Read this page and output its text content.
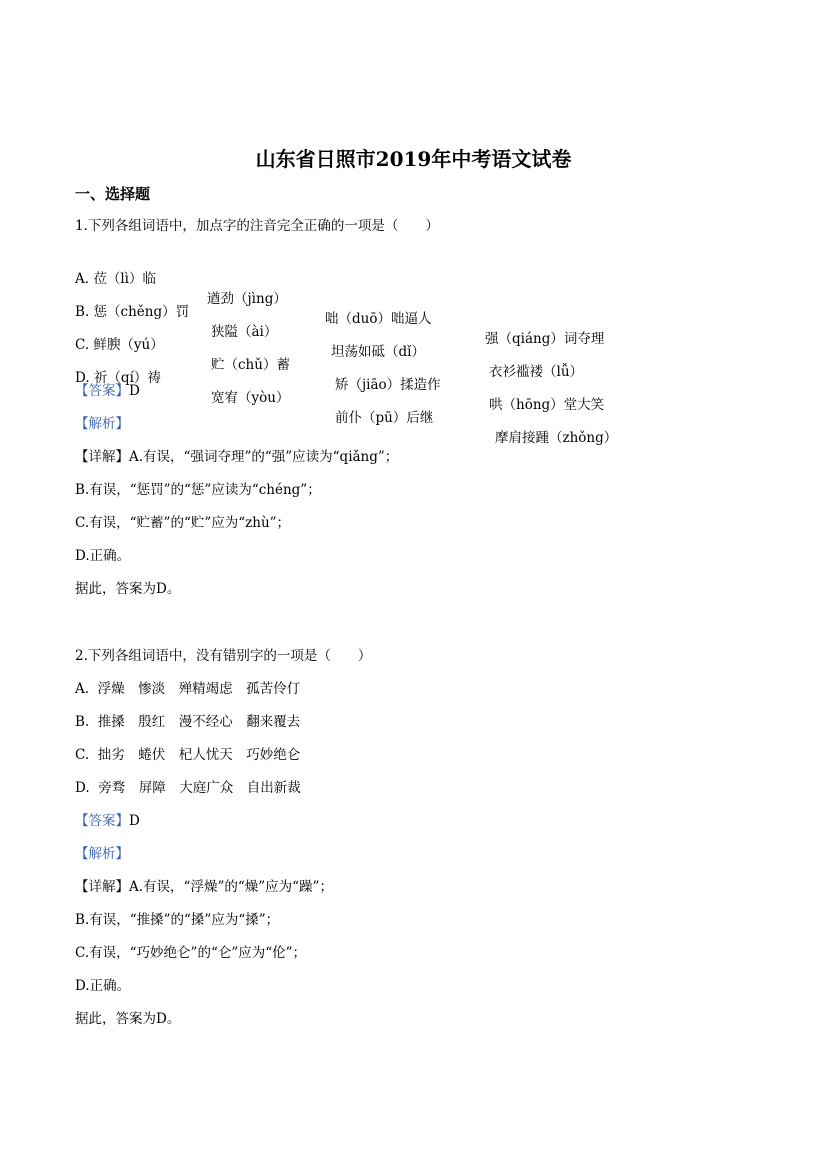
山东省日照市2019年中考语文试卷
一、选择题
1.下列各组词语中，加点字的注音完全正确的一项是（　　）

A. 莅（lì）临

遒劲（jìng）

咄（duō）咄逼人

强（qiáng）词夺理

B. 惩（chěng）罚

狭隘（ài）

坦荡如砥（dǐ）

衣衫褴褛（lǚ）

C. 鲜腴（yú）

贮（chǔ）蓄

矫（jiāo）揉造作

哄（hōng）堂大笑

D. 祈（qí）祷

宽宥（yòu）

前仆（pū）后继

摩肩接踵（zhǒng）

【答案】D
【解析】
【详解】A.有误，“强词夺理”的“强”应读为“qiǎng”；
B.有误，“惩罚”的“惩”应读为“chéng”；
C.有误，“贮蓄”的“贮”应为“zhù”；
D.正确。
据此，答案为D。
2.下列各组词语中，没有错别字的一项是（　　）
A.  浮燥　惨淡　殚精竭虑　孤苦伶仃
B.  推搡　殷红　漫不经心　翻来覆去
C.  拙劣　蜷伏　杞人忧天　巧妙绝仑
D.  旁骛　屏障　大庭广众　自出新裁
【答案】D
【解析】
【详解】A.有误，“浮燥”的“燥”应为“躁”；
B.有误，“推搡”的“搡”应为“搡”；
C.有误，“巧妙绝仑”的“仑”应为“伦”；
D.正确。
据此，答案为D。
